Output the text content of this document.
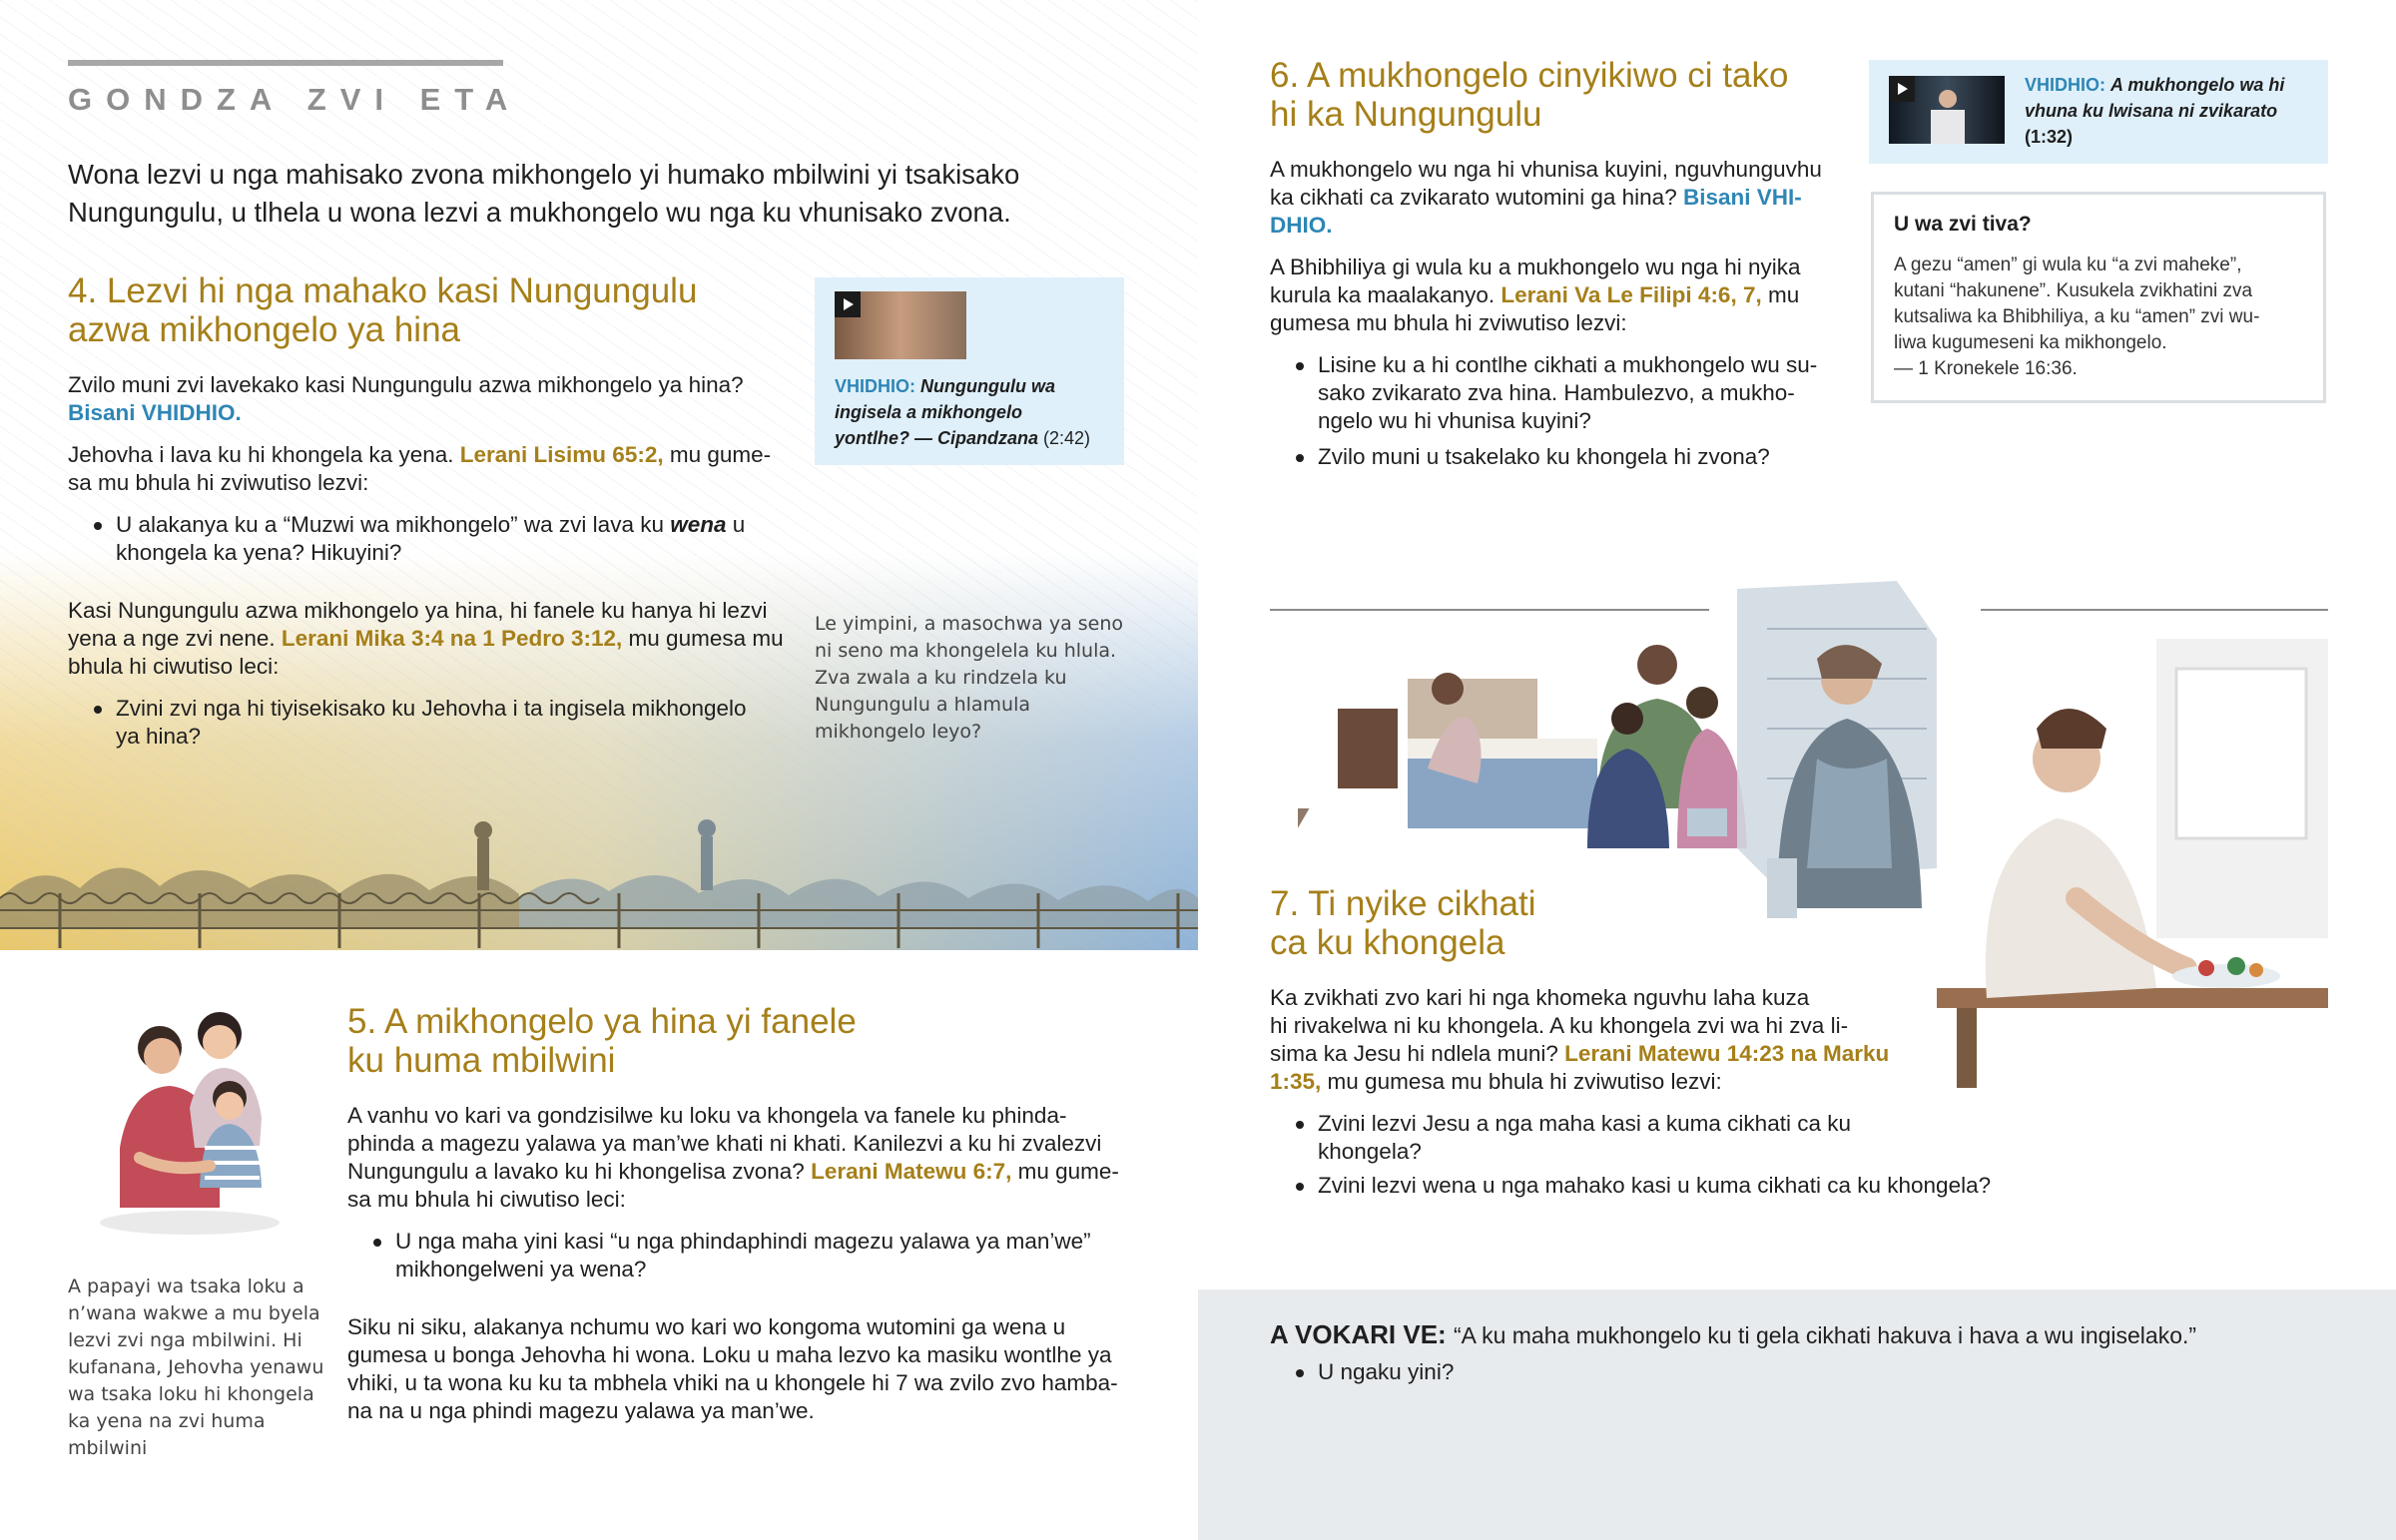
GONDZA ZVI ETA
Wona lezvi u nga mahisako zvona mikhongelo yi humako mbilwini yi tsakisako Nungungulu, u tlhela u wona lezvi a mukhongelo wu nga ku vhunisako zvona.
4. Lezvi hi nga mahako kasi Nungungulu
azwa mikhongelo ya hina

Zvilo muni zvi lavekako kasi Nungungulu azwa mikhongelo ya hina?
Bisani VHIDHIO.

Jehovha i lava ku hi khongela ka yena. Lerani Lisimu 65:2, mu gume-
sa mu bhula hi zviwutiso lezvi:

U alakanya ku a “Muzwi wa mikhongelo” wa zvi lava ku wena u
khongela ka yena? Hikuyini?

Kasi Nungungulu azwa mikhongelo ya hina, hi fanele ku hanya hi lezvi
yena a nge zvi nene. Lerani Mika 3:4 na 1 Pedro 3:12, mu gumesa mu
bhula hi ciwutiso leci:

Zvini zvi nga hi tiyisekisako ku Jehovha i ta ingisela mikhongelo
ya hina?
VHIDHIO: Nungungulu wa
ingisela a mikhongelo
yontlhe? — Cipandzana (2:42)
Le yimpini, a masochwa ya seno
ni seno ma khongelela ku hlula.
Zva zwala a ku rindzela ku
Nungungulu a hlamula
mikhongelo leyo?
A papayi wa tsaka loku a
n’wana wakwe a mu byela
lezvi zvi nga mbilwini. Hi
kufanana, Jehovha yenawu
wa tsaka loku hi khongela
ka yena na zvi huma
mbilwini
5. A mikhongelo ya hina yi fanele
ku huma mbilwini

A vanhu vo kari va gondzisilwe ku loku va khongela va fanele ku phinda-
phinda a magezu yalawa ya man’we khati ni khati. Kanilezvi a ku hi zvalezvi
Nungungulu a lavako ku hi khongelisa zvona? Lerani Matewu 6:7, mu gume-
sa mu bhula hi ciwutiso leci:

U nga maha yini kasi “u nga phindaphindi magezu yalawa ya man’we”
mikhongelweni ya wena?

Siku ni siku, alakanya nchumu wo kari wo kongoma wutomini ga wena u
gumesa u bonga Jehovha hi wona. Loku u maha lezvo ka masiku wontlhe ya
vhiki, u ta wona ku ku ta mbhela vhiki na u khongele hi 7 wa zvilo zvo hamba-
na na u nga phindi magezu yalawa ya man’we.

6. A mukhongelo cinyikiwo ci tako
hi ka Nungungulu

A mukhongelo wu nga hi vhunisa kuyini, nguvhunguvhu
ka cikhati ca zvikarato wutomini ga hina? Bisani VHI-
DHIO.

A Bhibhiliya gi wula ku a mukhongelo wu nga hi nyika
kurula ka maalakanyo. Lerani Va Le Filipi 4:6, 7, mu
gumesa mu bhula hi zviwutiso lezvi:

Lisine ku a hi contlhe cikhati a mukhongelo wu su-
sako zvikarato zva hina. Hambulezvo, a mukho-
ngelo wu hi vhunisa kuyini?
Zvilo muni u tsakelako ku khongela hi zvona?
VHIDHIO: A mukhongelo wa hi
vhuna ku lwisana ni zvikarato
(1:32)
U wa zvi tiva?
A gezu “amen” gi wula ku “a zvi maheke”,
kutani “hakunene”. Kusukela zvikhatini zva
kutsaliwa ka Bhibhiliya, a ku “amen” zvi wu-
liwa kugumeseni ka mikhongelo.
— 1 Kronekele 16:36.
7. Ti nyike cikhati
ca ku khongela

Ka zvikhati zvo kari hi nga khomeka nguvhu laha kuza
hi rivakelwa ni ku khongela. A ku khongela zvi wa hi zva li-
sima ka Jesu hi ndlela muni? Lerani Matewu 14:23 na Marku
1:35, mu gumesa mu bhula hi zviwutiso lezvi:

Zvini lezvi Jesu a nga maha kasi a kuma cikhati ca ku
khongela?
Zvini lezvi wena u nga mahako kasi u kuma cikhati ca ku khongela?
A VOKARI VE: “A ku maha mukhongelo ku ti gela cikhati hakuva i hava a wu ingiselako.”
U ngaku yini?
